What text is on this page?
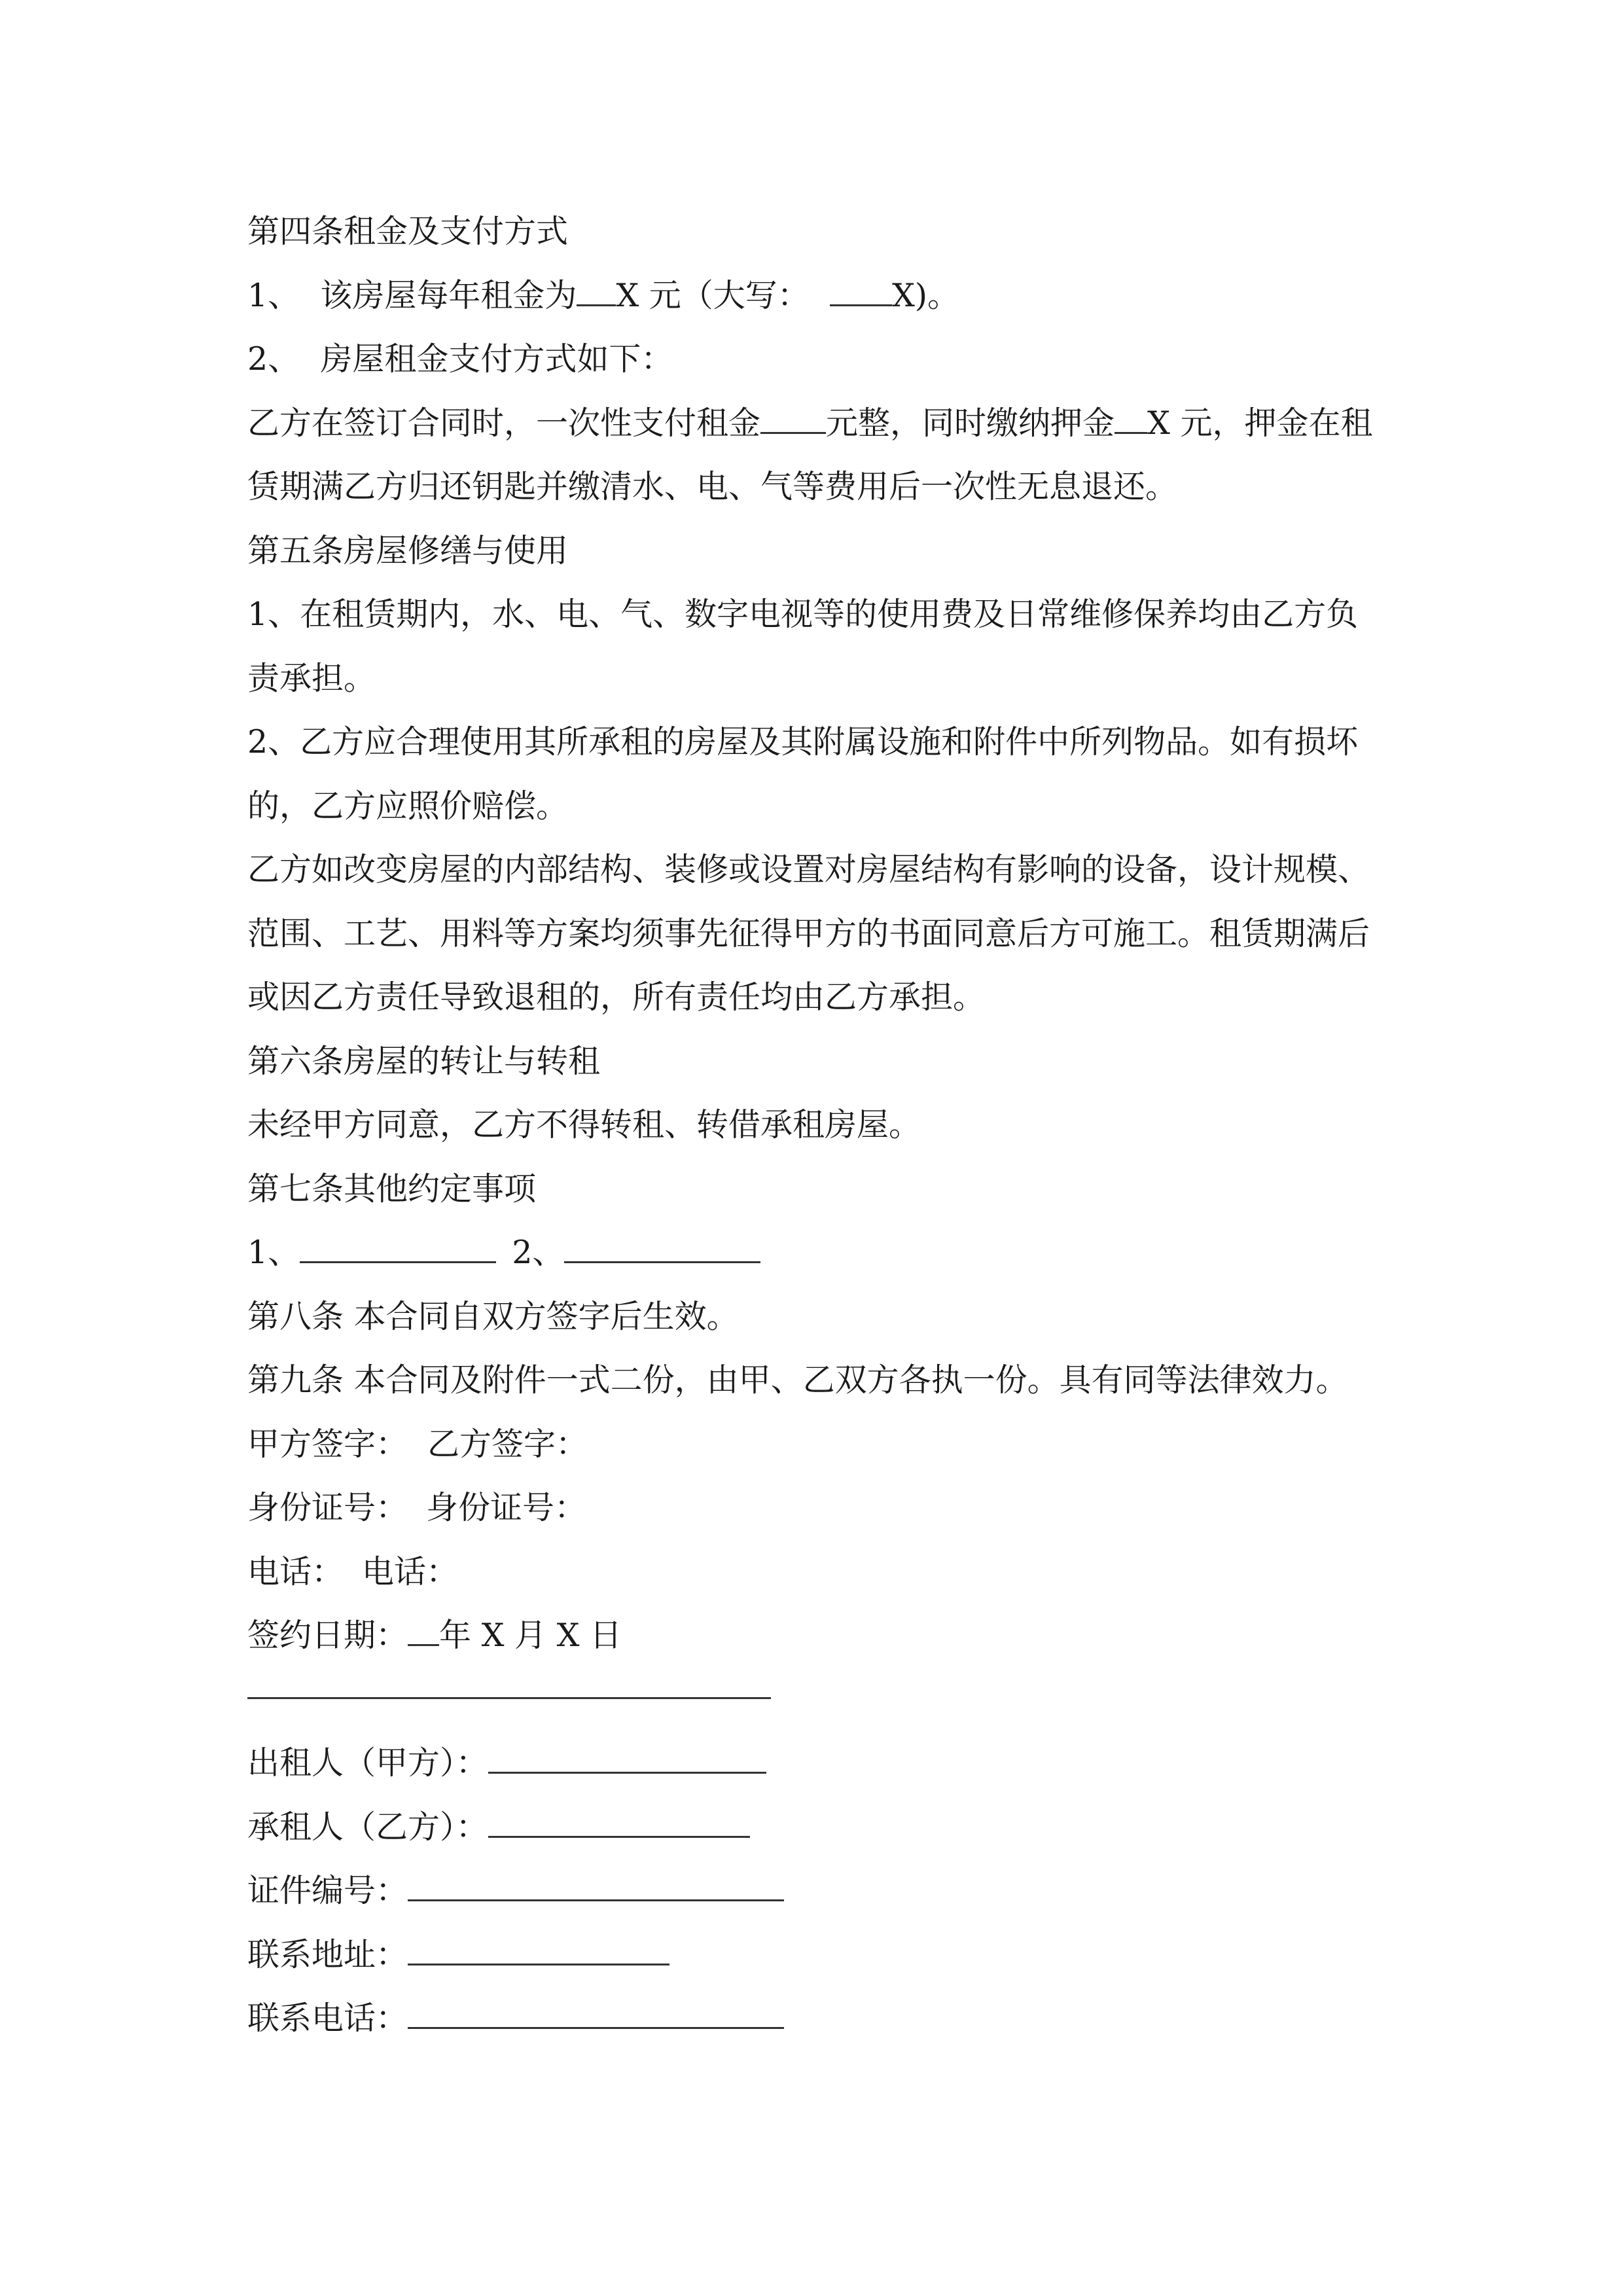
第四条租金及支付方式
1、  该房屋每年租金为 X 元（大写：  X)。
2、  房屋租金支付方式如下：
乙方在签订合同时，一次性支付租金 元整，同时缴纳押金 X 元，押金在租
赁期满乙方归还钥匙并缴清水、电、气等费用后一次性无息退还。
第五条房屋修缮与使用
1、在租赁期内，水、电、气、数字电视等的使用费及日常维修保养均由乙方负
责承担。
2、乙方应合理使用其所承租的房屋及其附属设施和附件中所列物品。如有损坏
的，乙方应照价赔偿。
乙方如改变房屋的内部结构、装修或设置对房屋结构有影响的设备，设计规模、
范围、工艺、用料等方案均须事先征得甲方的书面同意后方可施工。租赁期满后
或因乙方责任导致退租的，所有责任均由乙方承担。
第六条房屋的转让与转租
未经甲方同意，乙方不得转租、转借承租房屋。
第七条其他约定事项
1、	2、
第八条 本合同自双方签字后生效。
第九条 本合同及附件一式二份，由甲、乙双方各执一份。具有同等法律效力。
甲方签字： 乙方签字：
身份证号： 身份证号：
电话： 电话：
签约日期： 年 X 月 X 日
出租人（甲方）：
承租人（乙方）：
证件编号：
联系地址：
联系电话：
